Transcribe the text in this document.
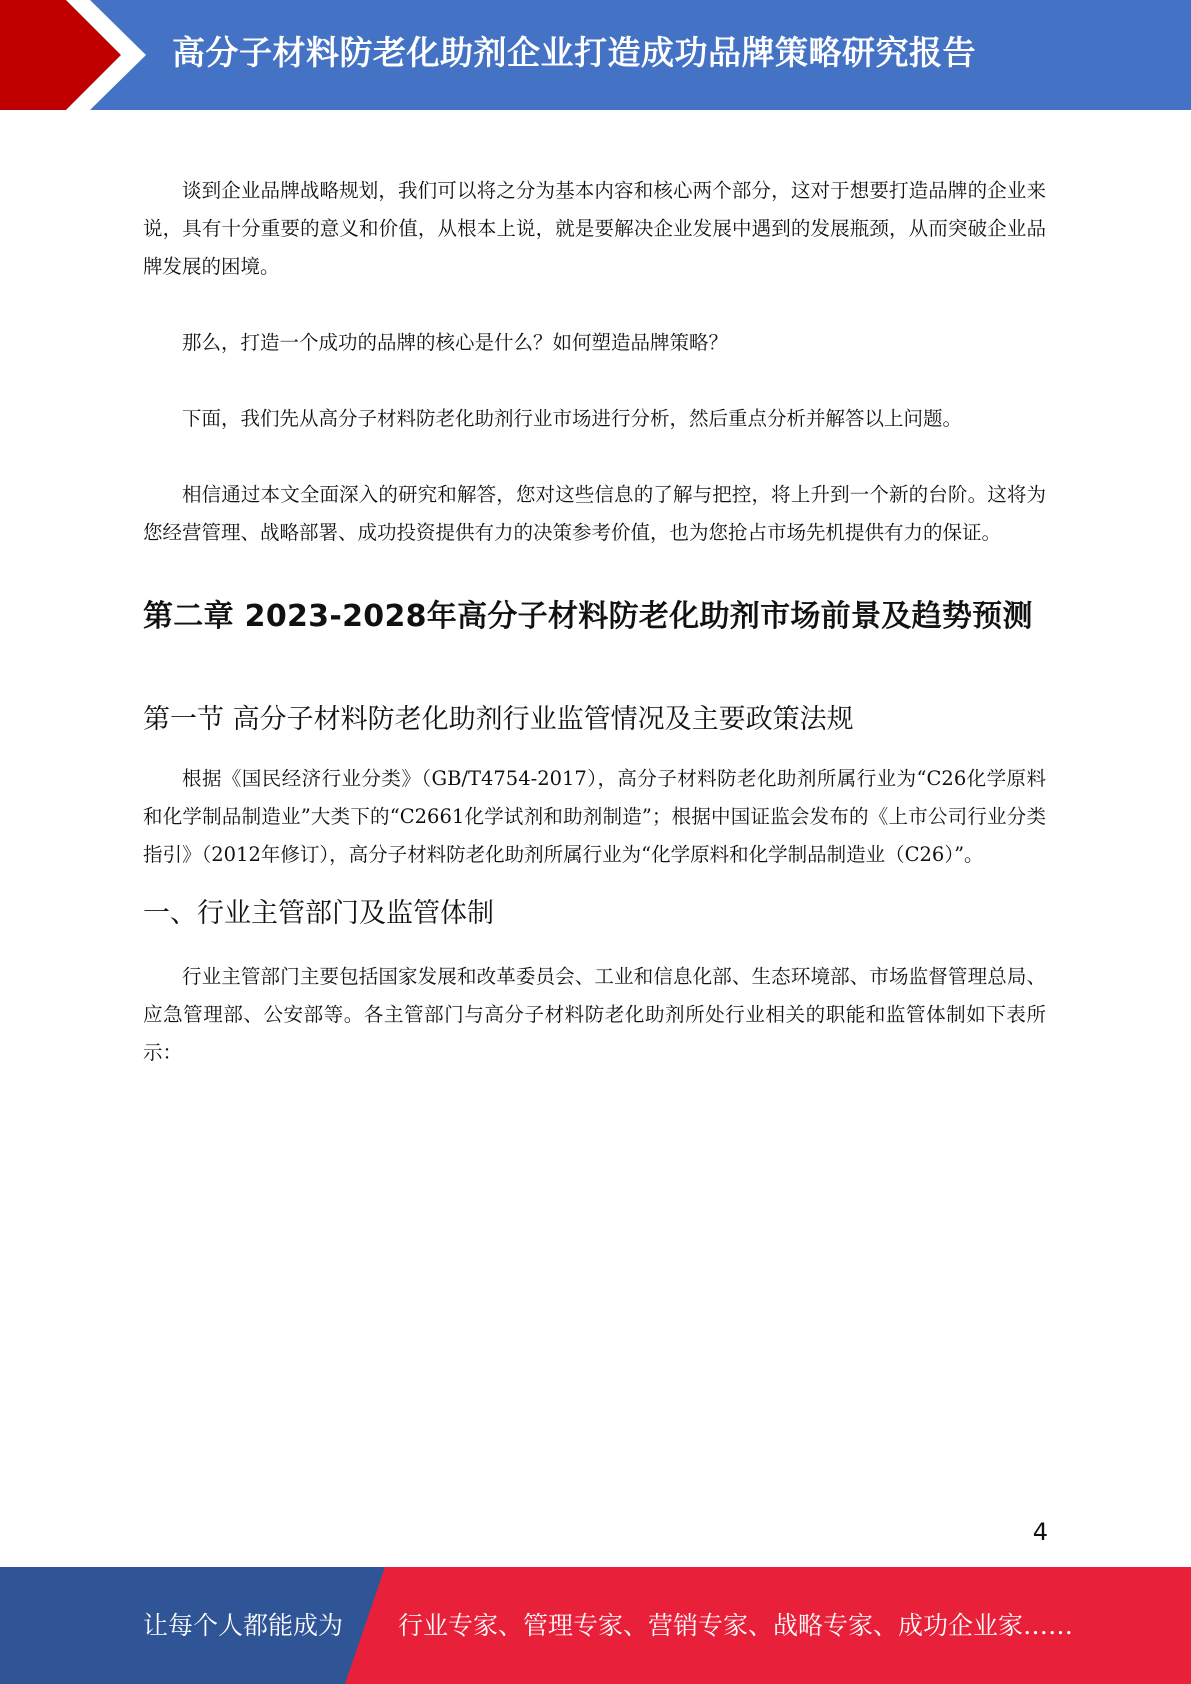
高分子材料防老化助剂企业打造成功品牌策略研究报告

谈到企业品牌战略规划，我们可以将之分为基本内容和核心两个部分，这对于想要打造品牌的企业来说，具有十分重要的意义和价值，从根本上说，就是要解决企业发展中遇到的发展瓶颈，从而突破企业品牌发展的困境。

那么，打造一个成功的品牌的核心是什么？如何塑造品牌策略？

下面，我们先从高分子材料防老化助剂行业市场进行分析，然后重点分析并解答以上问题。

相信通过本文全面深入的研究和解答，您对这些信息的了解与把控，将上升到一个新的台阶。这将为您经营管理、战略部署、成功投资提供有力的决策参考价值，也为您抢占市场先机提供有力的保证。

第二章 2023-2028年高分子材料防老化助剂市场前景及趋势预测
第一节 高分子材料防老化助剂行业监管情况及主要政策法规

根据《国民经济行业分类》（GB/T4754-2017），高分子材料防老化助剂所属行业为“C26化学原料和化学制品制造业”大类下的“C2661化学试剂和助剂制造”；根据中国证监会发布的《上市公司行业分类指引》（2012年修订），高分子材料防老化助剂所属行业为“化学原料和化学制品制造业（C26）”。

一、行业主管部门及监管体制

行业主管部门主要包括国家发展和改革委员会、工业和信息化部、生态环境部、市场监督管理总局、应急管理部、公安部等。各主管部门与高分子材料防老化助剂所处行业相关的职能和监管体制如下表所示：

4
让每个人都能成为 行业专家、管理专家、营销专家、战略专家、成功企业家……
